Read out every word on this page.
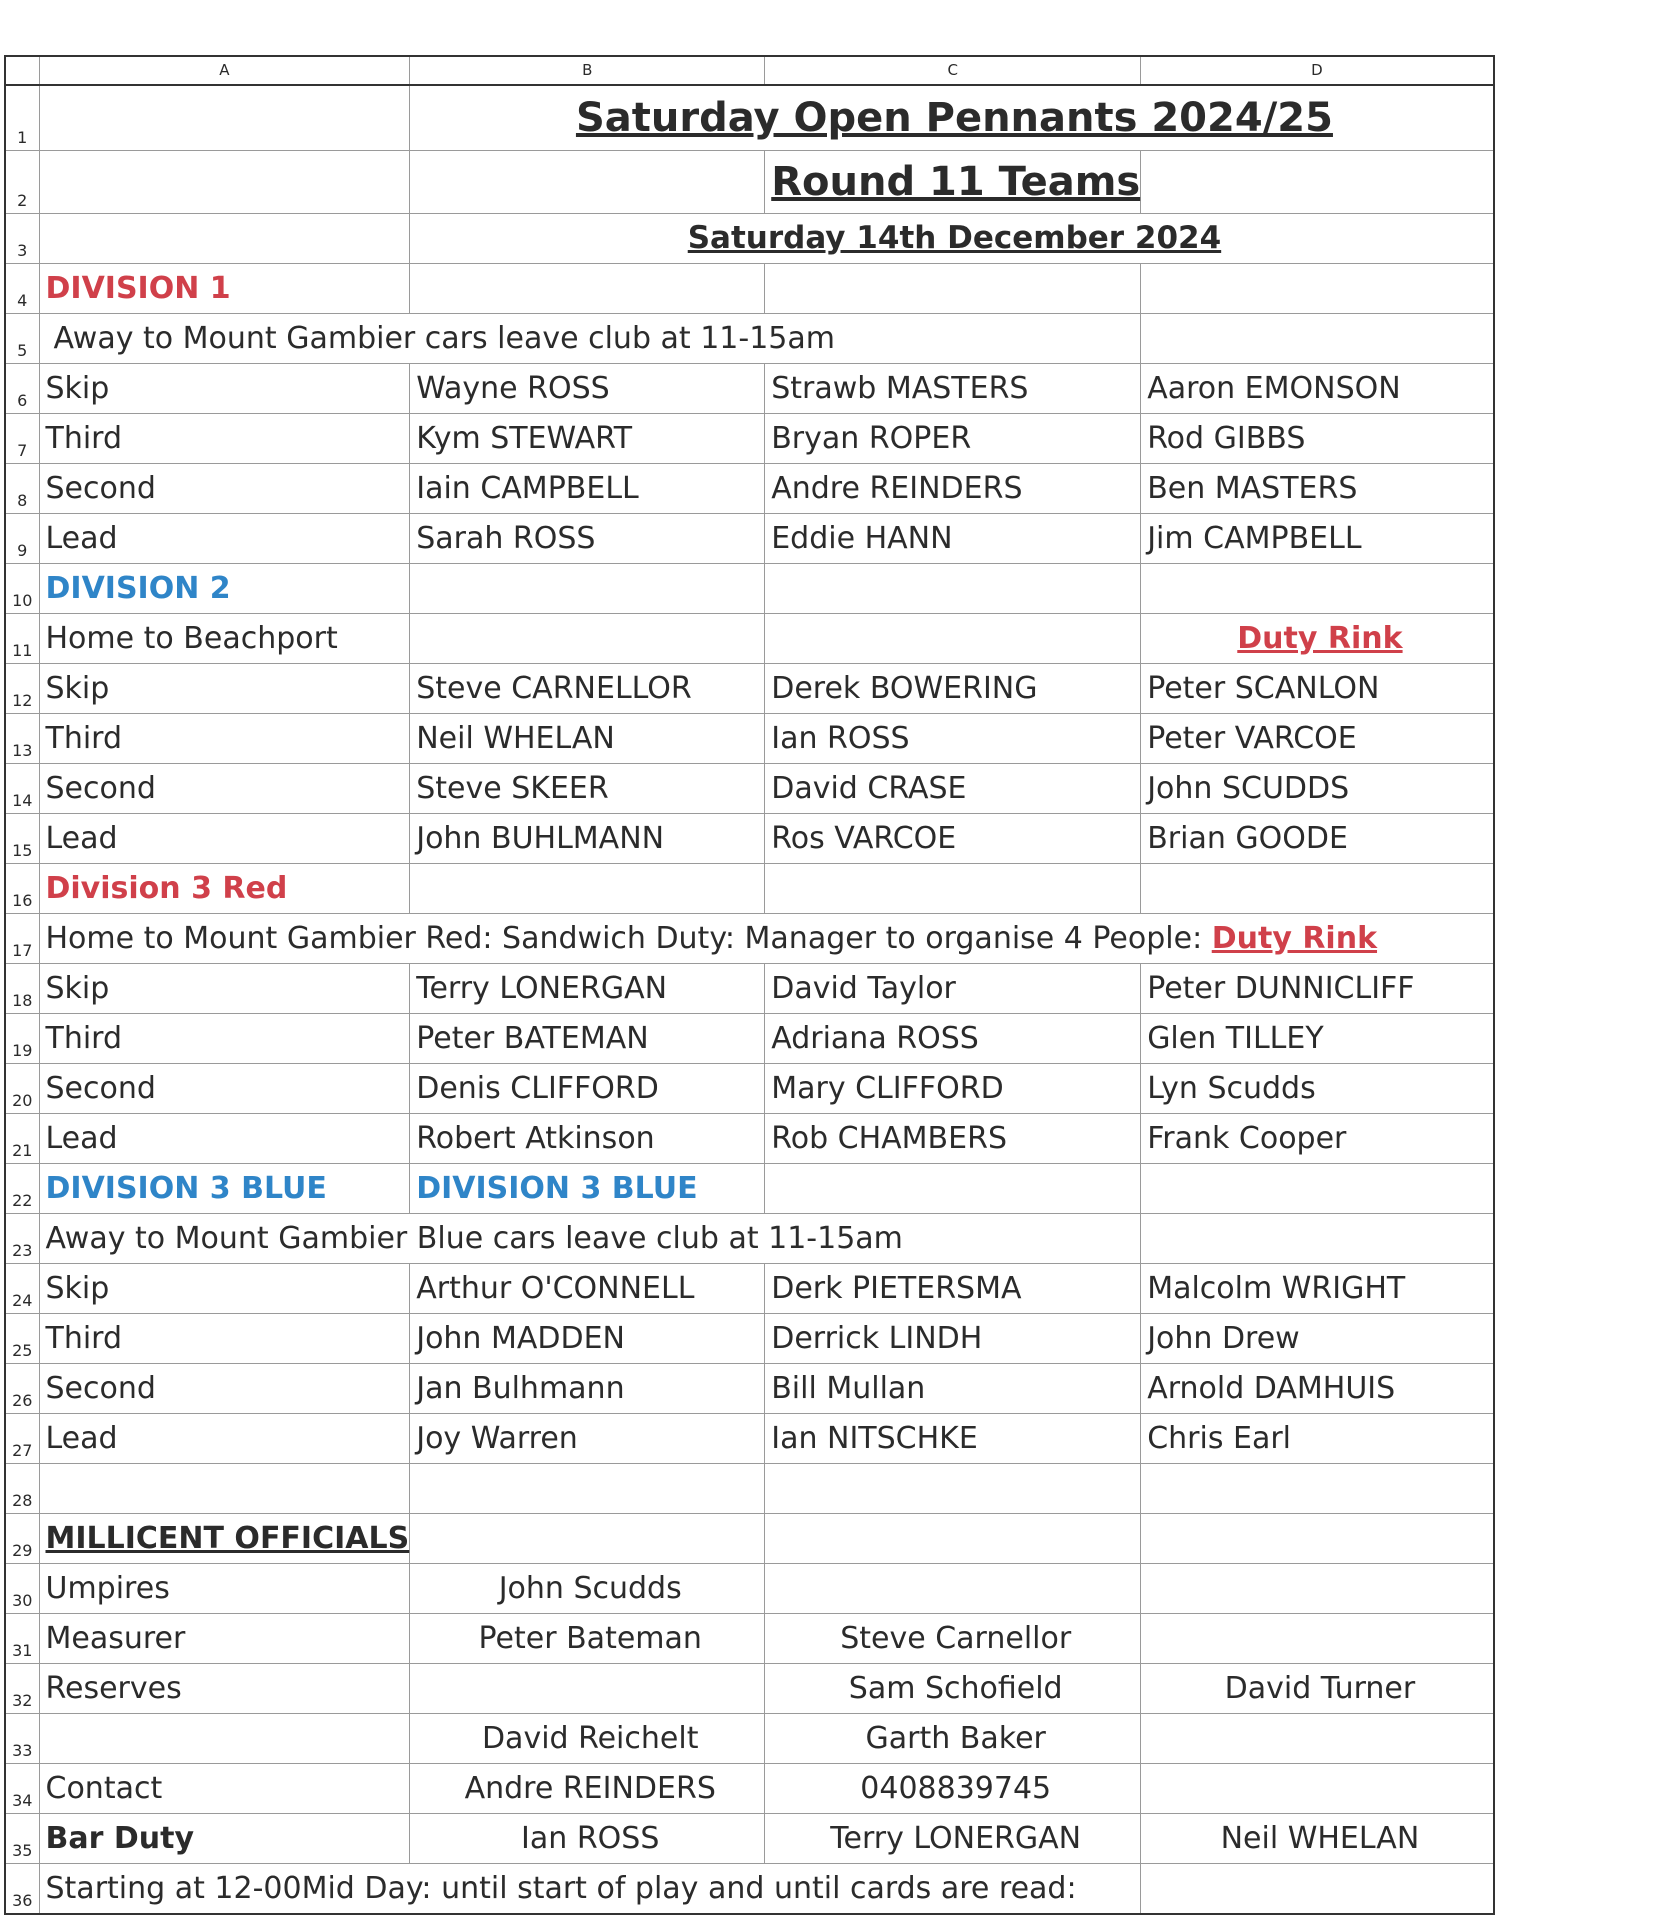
	A	B	C	D
1		Saturday Open Pennants 2024/25		
2			Round 11 Teams	
3		Saturday 14th December 2024		
4	DIVISION 1			
5	Away to Mount Gambier cars leave club at 11-15am			
6	Skip	Wayne ROSS	Strawb MASTERS	Aaron EMONSON
7	Third	Kym STEWART	Bryan ROPER	Rod GIBBS
8	Second	Iain CAMPBELL	Andre REINDERS	Ben MASTERS
9	Lead	Sarah ROSS	Eddie HANN	Jim CAMPBELL
10	DIVISION 2			
11	Home to Beachport			Duty Rink
12	Skip	Steve CARNELLOR	Derek BOWERING	Peter SCANLON
13	Third	Neil WHELAN	Ian ROSS	Peter VARCOE
14	Second	Steve SKEER	David CRASE	John SCUDDS
15	Lead	John BUHLMANN	Ros VARCOE	Brian GOODE
16	Division 3 Red			
17	Home to Mount Gambier Red: Sandwich Duty: Manager to organise 4 People: Duty Rink			
18	Skip	Terry LONERGAN	David Taylor	Peter DUNNICLIFF
19	Third	Peter BATEMAN	Adriana ROSS	Glen TILLEY
20	Second	Denis CLIFFORD	Mary CLIFFORD	Lyn Scudds
21	Lead	Robert Atkinson	Rob CHAMBERS	Frank Cooper
22	DIVISION 3 BLUE	DIVISION 3 BLUE		
23	Away to Mount Gambier Blue cars leave club at 11-15am			
24	Skip	Arthur O'CONNELL	Derk PIETERSMA	Malcolm WRIGHT
25	Third	John MADDEN	Derrick LINDH	John Drew
26	Second	Jan Bulhmann	Bill Mullan	Arnold DAMHUIS
27	Lead	Joy Warren	Ian NITSCHKE	Chris Earl
28				
29	MILLICENT OFFICIALS			
30	Umpires	John Scudds		
31	Measurer	Peter Bateman	Steve Carnellor	
32	Reserves		Sam Schofield	David Turner
33		David Reichelt	Garth Baker	
34	Contact	Andre REINDERS	0408839745	
35	Bar Duty	Ian ROSS	Terry LONERGAN	Neil WHELAN
36	Starting at 12-00Mid Day: until start of play and until cards are read:			
